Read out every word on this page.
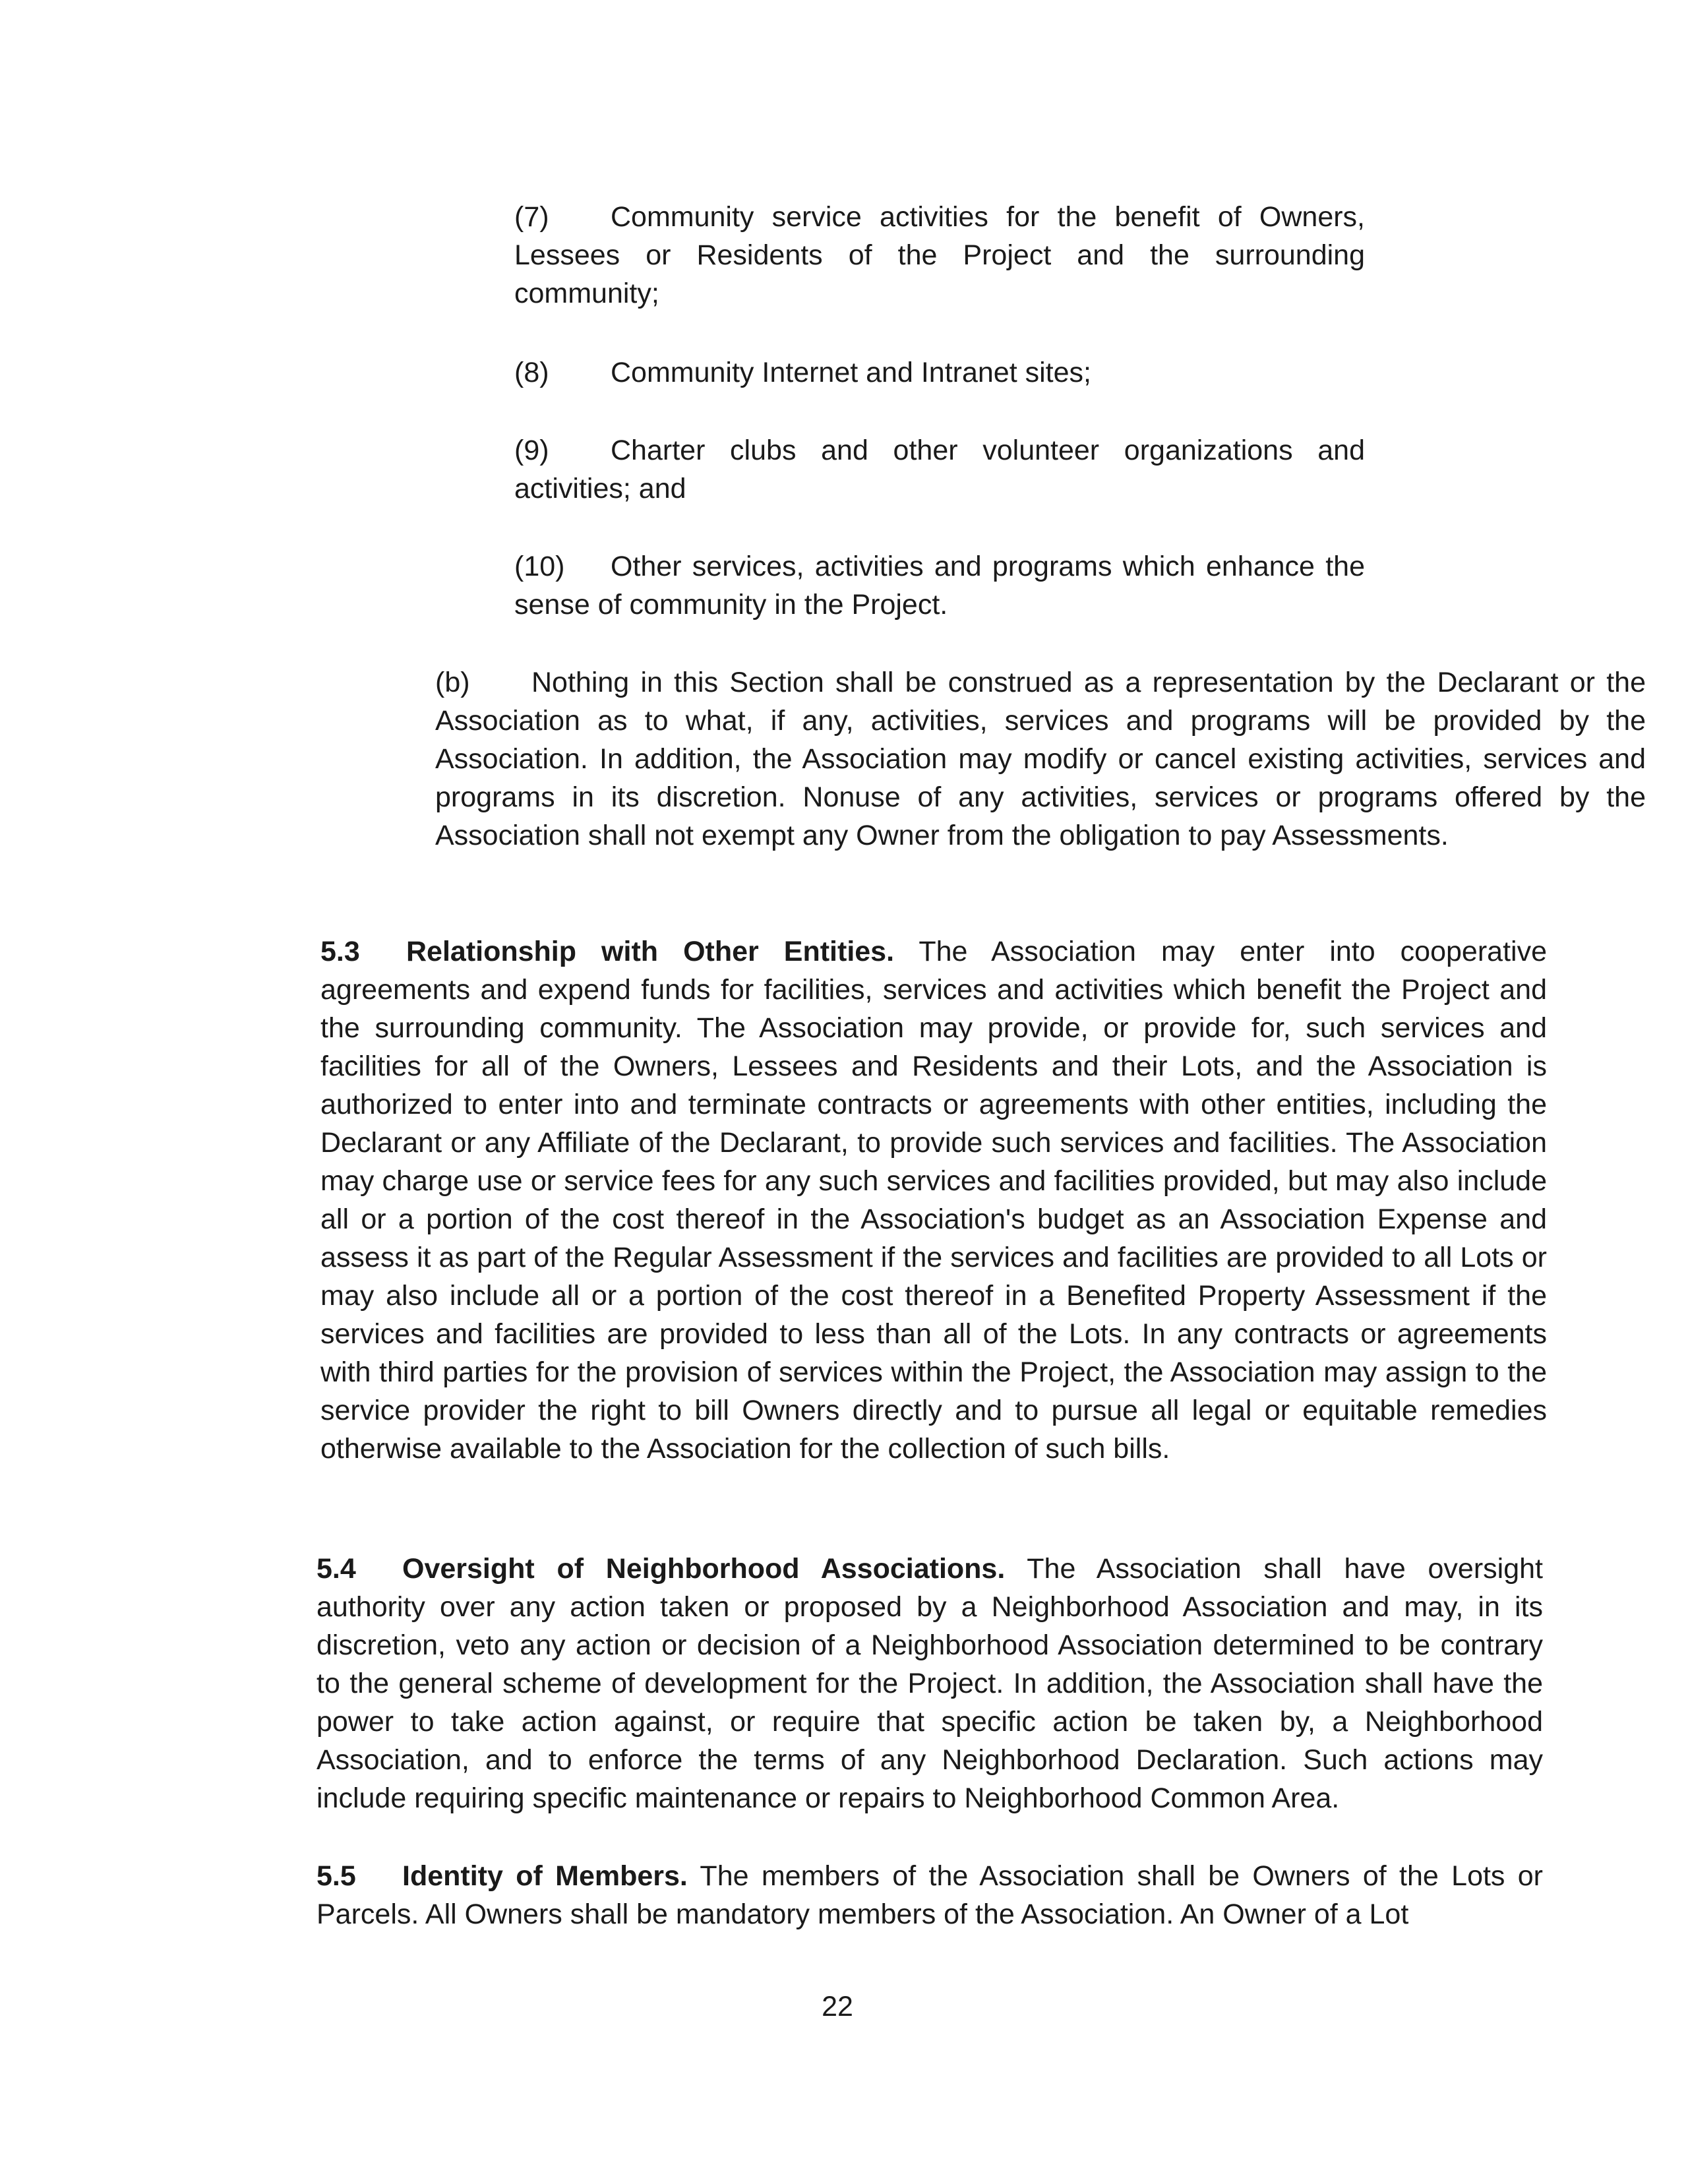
(7) Community service activities for the benefit of Owners, Lessees or Residents of the Project and the surrounding community;

(8) Community Internet and Intranet sites;

(9) Charter clubs and other volunteer organizations and activities; and

(10) Other services, activities and programs which enhance the sense of community in the Project.

(b) Nothing in this Section shall be construed as a representation by the Declarant or the Association as to what, if any, activities, services and programs will be provided by the Association. In addition, the Association may modify or cancel existing activities, services and programs in its discretion. Nonuse of any activities, services or programs offered by the Association shall not exempt any Owner from the obligation to pay Assessments.

5.3 Relationship with Other Entities. The Association may enter into cooperative agreements and expend funds for facilities, services and activities which benefit the Project and the surrounding community. The Association may provide, or provide for, such services and facilities for all of the Owners, Lessees and Residents and their Lots, and the Association is authorized to enter into and terminate contracts or agreements with other entities, including the Declarant or any Affiliate of the Declarant, to provide such services and facilities. The Association may charge use or service fees for any such services and facilities provided, but may also include all or a portion of the cost thereof in the Association's budget as an Association Expense and assess it as part of the Regular Assessment if the services and facilities are provided to all Lots or may also include all or a portion of the cost thereof in a Benefited Property Assessment if the services and facilities are provided to less than all of the Lots. In any contracts or agreements with third parties for the provision of services within the Project, the Association may assign to the service provider the right to bill Owners directly and to pursue all legal or equitable remedies otherwise available to the Association for the collection of such bills.

5.4 Oversight of Neighborhood Associations. The Association shall have oversight authority over any action taken or proposed by a Neighborhood Association and may, in its discretion, veto any action or decision of a Neighborhood Association determined to be contrary to the general scheme of development for the Project. In addition, the Association shall have the power to take action against, or require that specific action be taken by, a Neighborhood Association, and to enforce the terms of any Neighborhood Declaration. Such actions may include requiring specific maintenance or repairs to Neighborhood Common Area.

5.5 Identity of Members. The members of the Association shall be Owners of the Lots or Parcels. All Owners shall be mandatory members of the Association. An Owner of a Lot

22
